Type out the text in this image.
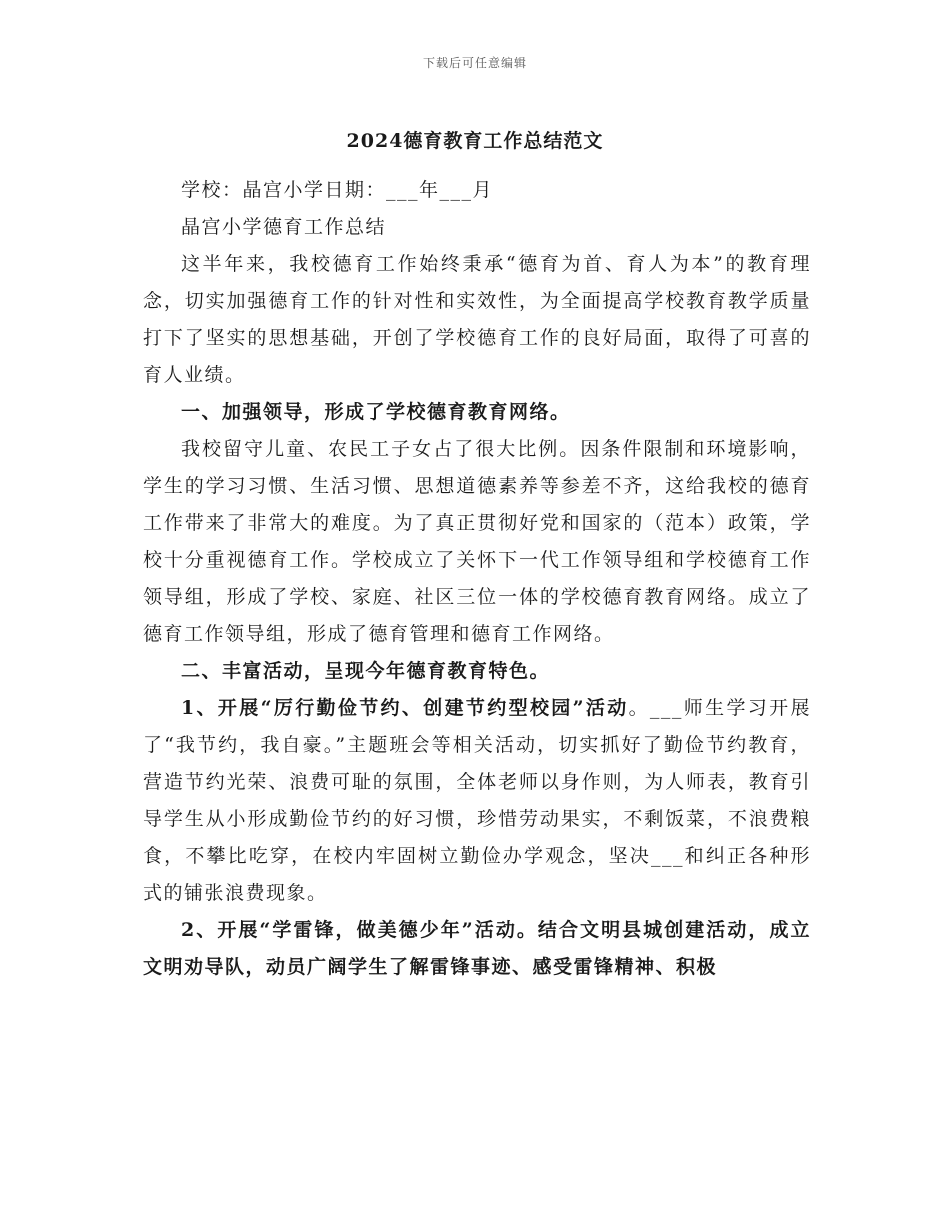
下载后可任意编辑
2024德育教育工作总结范文

学校：晶宫小学日期：___年___月

晶宫小学德育工作总结

这半年来，我校德育工作始终秉承“德育为首、育人为本”的教育理念，切实加强德育工作的针对性和实效性，为全面提高学校教育教学质量打下了坚实的思想基础，开创了学校德育工作的良好局面，取得了可喜的育人业绩。

一、加强领导，形成了学校德育教育网络。

我校留守儿童、农民工子女占了很大比例。因条件限制和环境影响，学生的学习习惯、生活习惯、思想道德素养等参差不齐，这给我校的德育工作带来了非常大的难度。为了真正贯彻好党和国家的（范本）政策，学校十分重视德育工作。学校成立了关怀下一代工作领导组和学校德育工作领导组，形成了学校、家庭、社区三位一体的学校德育教育网络。成立了德育工作领导组，形成了德育管理和德育工作网络。

二、丰富活动，呈现今年德育教育特色。

1、开展“厉行勤俭节约、创建节约型校园”活动。___师生学习开展了“我节约，我自豪。”主题班会等相关活动，切实抓好了勤俭节约教育，营造节约光荣、浪费可耻的氛围，全体老师以身作则，为人师表，教育引导学生从小形成勤俭节约的好习惯，珍惜劳动果实，不剩饭菜，不浪费粮食，不攀比吃穿，在校内牢固树立勤俭办学观念，坚决___和纠正各种形式的铺张浪费现象。

2、开展“学雷锋，做美德少年”活动。结合文明县城创建活动，成立文明劝导队，动员广阔学生了解雷锋事迹、感受雷锋精神、积极
